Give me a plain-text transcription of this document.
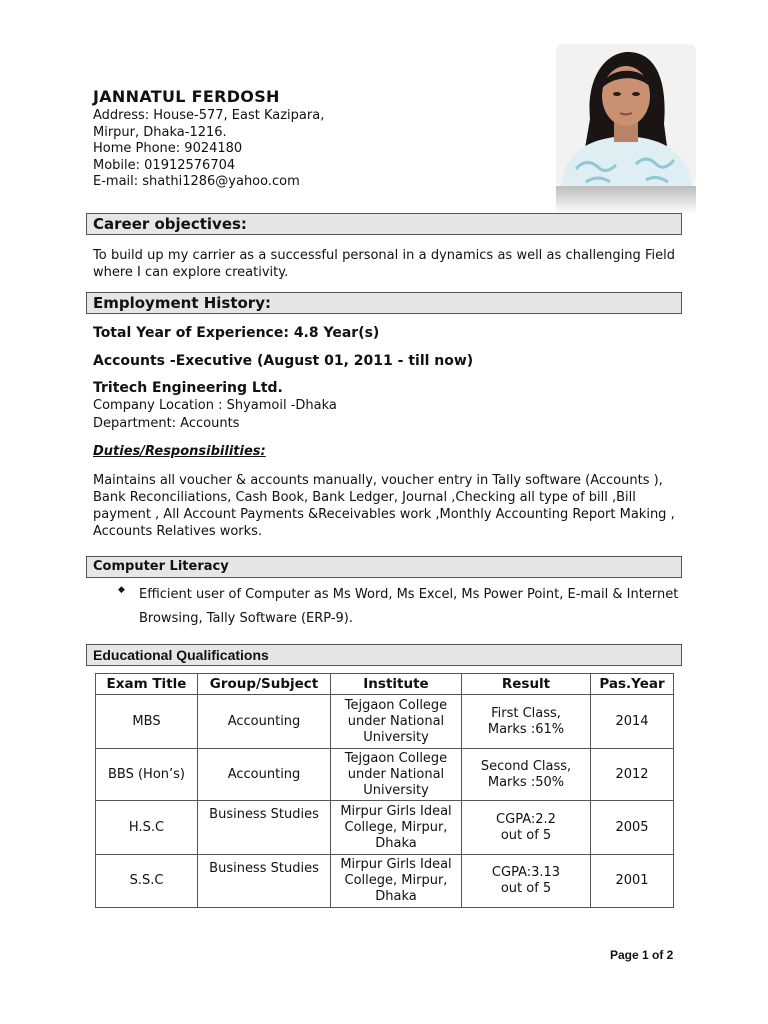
JANNATUL FERDOSH
Address: House-577, East Kazipara,
Mirpur, Dhaka-1216.
Home Phone: 9024180
Mobile: 01912576704
E-mail: shathi1286@yahoo.com
Career objectives:
To build up my carrier as a successful personal in a dynamics as well as challenging Field where I can explore creativity.
Employment History:
Total Year of Experience: 4.8 Year(s)
Accounts -Executive (August 01, 2011 - till now)
Tritech Engineering Ltd.
Company Location : Shyamoil -Dhaka
Department: Accounts
Duties/Responsibilities:
Maintains all voucher & accounts manually, voucher entry in Tally software (Accounts ), Bank Reconciliations, Cash Book, Bank Ledger, Journal ,Checking all type of bill ,Bill payment , All Account Payments &Receivables work ,Monthly Accounting Report Making , Accounts Relatives works.
Computer Literacy
◆ Efficient user of Computer as Ms Word, Ms Excel, Ms Power Point, E-mail & Internet Browsing, Tally Software (ERP-9).
Educational Qualifications
Exam Title	Group/Subject	Institute	Result	Pas.Year
MBS	Accounting	Tejgaon College under National University	First Class, Marks :61%	2014
BBS (Hon’s)	Accounting	Tejgaon College under National University	Second Class, Marks :50%	2012
H.S.C	Business Studies	Mirpur Girls Ideal College, Mirpur, Dhaka	CGPA:2.2 out of 5	2005
S.S.C	Business Studies	Mirpur Girls Ideal College, Mirpur, Dhaka	CGPA:3.13 out of 5	2001
Page 1 of 2
